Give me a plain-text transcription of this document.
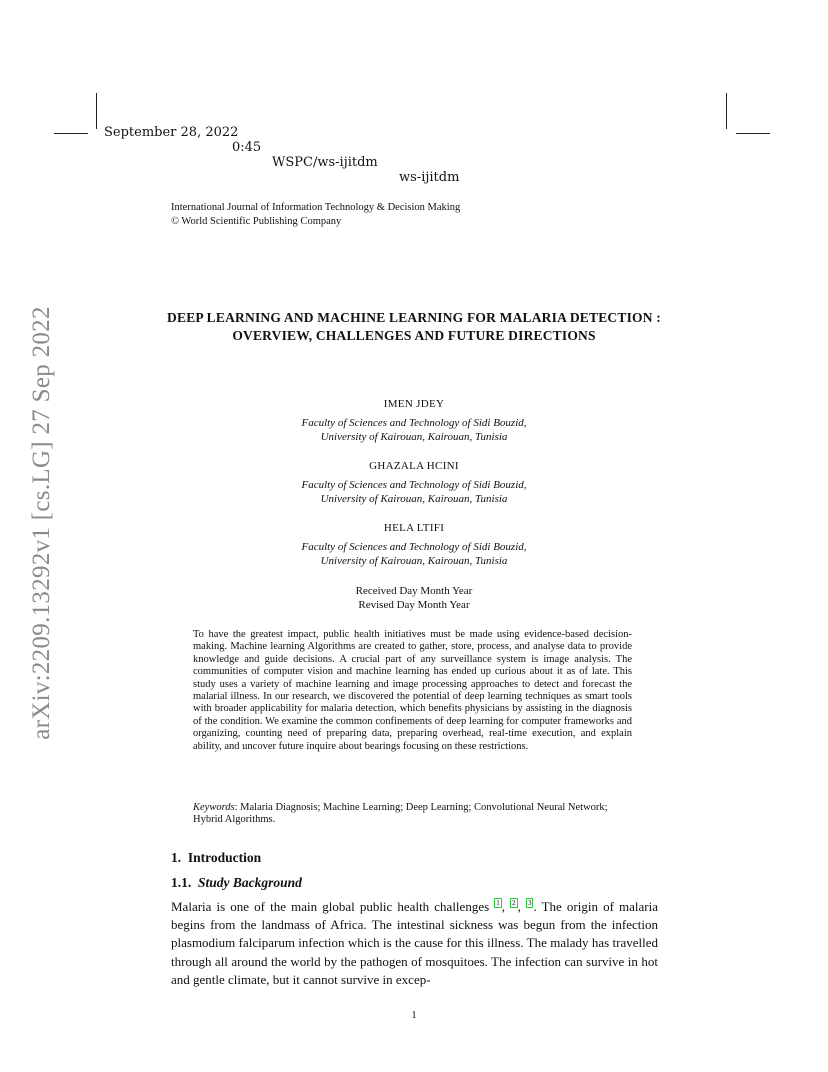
September 28, 2022

0:45

WSPC/ws-ijitdm

ws-ijitdm

International Journal of Information Technology & Decision Making
© World Scientific Publishing Company
DEEP LEARNING AND MACHINE LEARNING FOR MALARIA DETECTION : OVERVIEW, CHALLENGES AND FUTURE DIRECTIONS
IMEN JDEY
Faculty of Sciences and Technology of Sidi Bouzid,
University of Kairouan, Kairouan, Tunisia
GHAZALA HCINI
Faculty of Sciences and Technology of Sidi Bouzid,
University of Kairouan, Kairouan, Tunisia
HELA LTIFI
Faculty of Sciences and Technology of Sidi Bouzid,
University of Kairouan, Kairouan, Tunisia
Received Day Month Year
Revised Day Month Year
To have the greatest impact, public health initiatives must be made using evidence-based decision-making. Machine learning Algorithms are created to gather, store, process, and analyse data to provide knowledge and guide decisions. A crucial part of any surveillance system is image analysis. The communities of computer vision and machine learning has ended up curious about it as of late. This study uses a variety of machine learning and image processing approaches to detect and forecast the malarial illness. In our research, we discovered the potential of deep learning techniques as smart tools with broader applicability for malaria detection, which benefits physicians by assisting in the diagnosis of the condition. We examine the common confinements of deep learning for computer frameworks and organizing, counting need of preparing data, preparing overhead, real-time execution, and explain ability, and uncover future inquire about bearings focusing on these restrictions.
Keywords: Malaria Diagnosis; Machine Learning; Deep Learning; Convolutional Neural Network; Hybrid Algorithms.
1. Introduction
1.1. Study Background
Malaria is one of the main global public health challenges 1 , 2 , 3 . The origin of malaria begins from the landmass of Africa. The intestinal sickness was begun from the infection plasmodium falciparum infection which is the cause for this illness. The malady has travelled through all around the world by the pathogen of mosquitoes. The infection can survive in hot and gentle climate, but it cannot survive in excep-
arXiv:2209.13292v1 [cs.LG] 27 Sep 2022
1
